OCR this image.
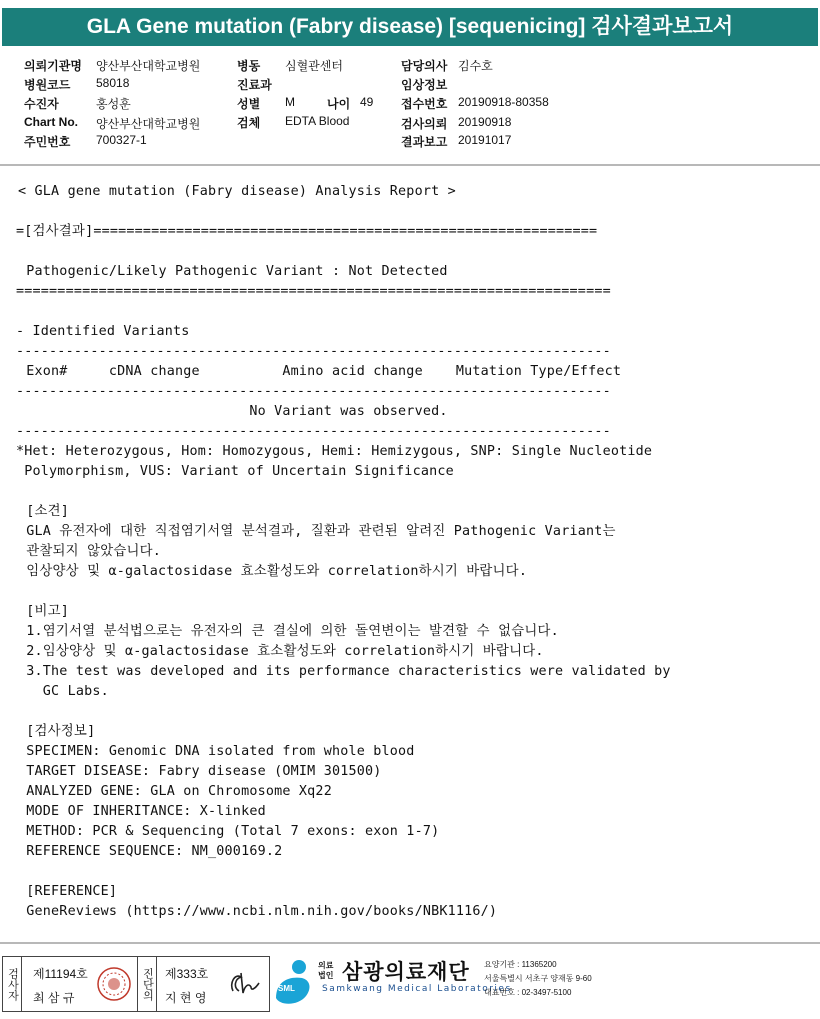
GLA Gene mutation (Fabry disease) [sequenicing] 검사결과보고서
의뢰기관명 양산부산대학교병원
병원코드 58018
수진자	홍성훈
Chart No. 양산부산대학교병원
주민번호 700327-1
병동 심혈관센터
진료과
성별 M	나이 49
검체 EDTA Blood
담당의사 김수호
임상정보
접수번호 20190918-80358
검사의뢰 20190918
결과보고 20191017
< GLA gene mutation (Fabry disease) Analysis Report >
=[검사결과]=============================================================
Pathogenic/Likely Pathogenic Variant : Not Detected
========================================================================
- Identified Variants
------------------------------------------------------------------------
Exon#     cDNA change          Amino acid change    Mutation Type/Effect
------------------------------------------------------------------------
No Variant was observed.
------------------------------------------------------------------------
*Het: Heterozygous, Hom: Homozygous, Hemi: Hemizygous, SNP: Single Nucleotide
Polymorphism, VUS: Variant of Uncertain Significance
[소견]
GLA 유전자에 대한 직접염기서열 분석결과, 질환과 관련된 알려진 Pathogenic Variant는
관찰되지 않았습니다.
임상양상 및 α-galactosidase 효소활성도와 correlation하시기 바랍니다.
[비고]
1.염기서열 분석법으로는 유전자의 큰 결실에 의한 돌연변이는 발견할 수 없습니다.
2.임상양상 및 α-galactosidase 효소활성도와 correlation하시기 바랍니다.
3.The test was developed and its performance characteristics were validated by
GC Labs.
[검사정보]
SPECIMEN: Genomic DNA isolated from whole blood
TARGET DISEASE: Fabry disease (OMIM 301500)
ANALYZED GENE: GLA on Chromosome Xq22
MODE OF INHERITANCE: X-linked
METHOD: PCR & Sequencing (Total 7 exons: exon 1-7)
REFERENCE SEQUENCE: NM_000169.2
[REFERENCE]
GeneReviews (https://www.ncbi.nlm.nih.gov/books/NBK1116/)
검사자 제11194호
최 삼 규	진단의 제333호
지 현 영
SML
의료
법인 삼광의료재단
Samkwang Medical Laboratories
요양기관 : 11365200
서울특별시 서초구 양재동 9-60
대표번호 : 02-3497-5100
